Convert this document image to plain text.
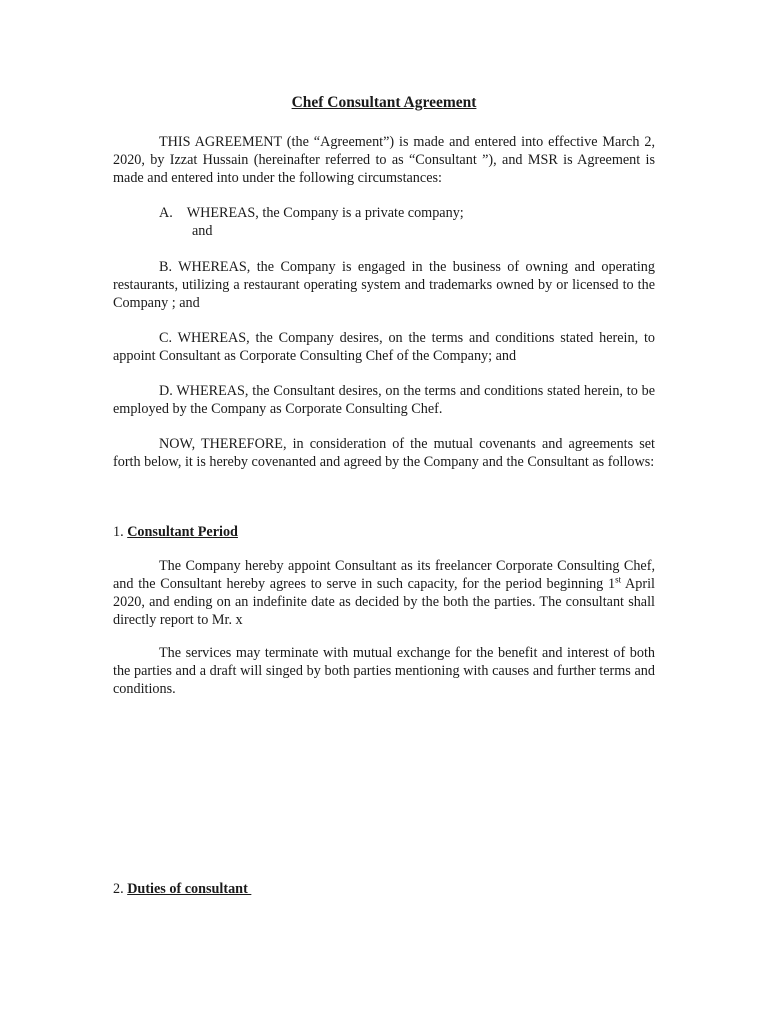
Chef Consultant Agreement
THIS AGREEMENT (the “Agreement”) is made and entered into effective March 2, 2020, by Izzat Hussain (hereinafter referred to as “Consultant ”), and MSR is Agreement is made and entered into under the following circumstances:
A. WHEREAS, the Company is a private company;
and
B. WHEREAS, the Company is engaged in the business of owning and operating restaurants, utilizing a restaurant operating system and trademarks owned by or licensed to the Company ; and
C. WHEREAS, the Company desires, on the terms and conditions stated herein, to appoint Consultant as Corporate Consulting Chef of the Company; and
D. WHEREAS, the Consultant desires, on the terms and conditions stated herein, to be employed by the Company as Corporate Consulting Chef.
NOW, THEREFORE, in consideration of the mutual covenants and agreements set forth below, it is hereby covenanted and agreed by the Company and the Consultant as follows:
1. Consultant Period
The Company hereby appoint Consultant as its freelancer Corporate Consulting Chef, and the Consultant hereby agrees to serve in such capacity, for the period beginning 1st April 2020, and ending on an indefinite date as decided by the both the parties. The consultant shall directly report to Mr. x
The services may terminate with mutual exchange for the benefit and interest of both the parties and a draft will singed by both parties mentioning with causes and further terms and conditions.
2. Duties of consultant
